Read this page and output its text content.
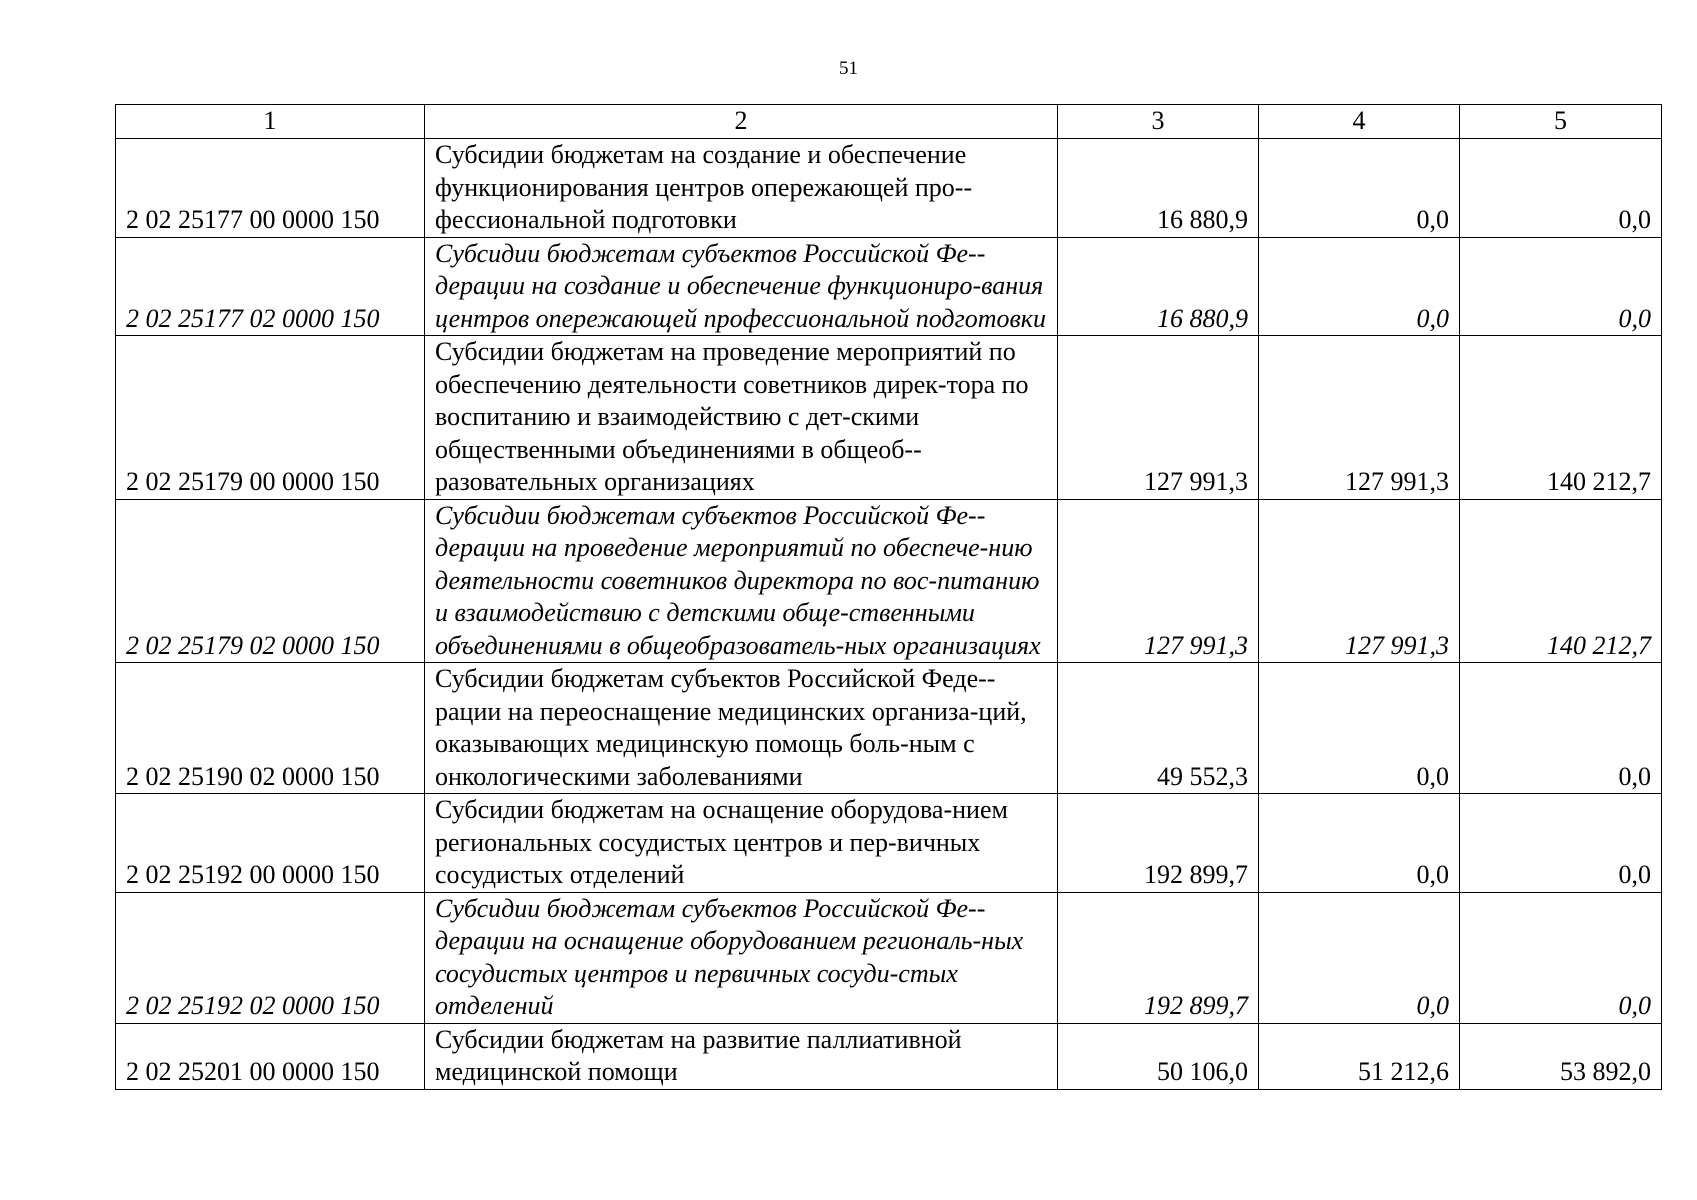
51
1	2	3	4	5
2 02 25177 00 0000 150	Субсидии бюджетам на создание и обеспечение функционирования центров опережающей про-фессиональной подготовки	16 880,9	0,0	0,0
2 02 25177 02 0000 150	Субсидии бюджетам субъектов Российской Фе-дерации на создание и обеспечение функциониро-вания центров опережающей профессиональной подготовки	16 880,9	0,0	0,0
2 02 25179 00 0000 150	Субсидии бюджетам на проведение мероприятий по обеспечению деятельности советников дирек-тора по воспитанию и взаимодействию с дет-скими общественными объединениями в общеоб-разовательных организациях	127 991,3	127 991,3	140 212,7
2 02 25179 02 0000 150	Субсидии бюджетам субъектов Российской Фе-дерации на проведение мероприятий по обеспече-нию деятельности советников директора по вос-питанию и взаимодействию с детскими обще-ственными объединениями в общеобразователь-ных организациях	127 991,3	127 991,3	140 212,7
2 02 25190 02 0000 150	Субсидии бюджетам субъектов Российской Феде-рации на переоснащение медицинских организа-ций, оказывающих медицинскую помощь боль-ным с онкологическими заболеваниями	49 552,3	0,0	0,0
2 02 25192 00 0000 150	Субсидии бюджетам на оснащение оборудова-нием региональных сосудистых центров и пер-вичных сосудистых отделений	192 899,7	0,0	0,0
2 02 25192 02 0000 150	Субсидии бюджетам субъектов Российской Фе-дерации на оснащение оборудованием региональ-ных сосудистых центров и первичных сосуди-стых отделений	192 899,7	0,0	0,0
2 02 25201 00 0000 150	Субсидии бюджетам на развитие паллиативной медицинской помощи	50 106,0	51 212,6	53 892,0
